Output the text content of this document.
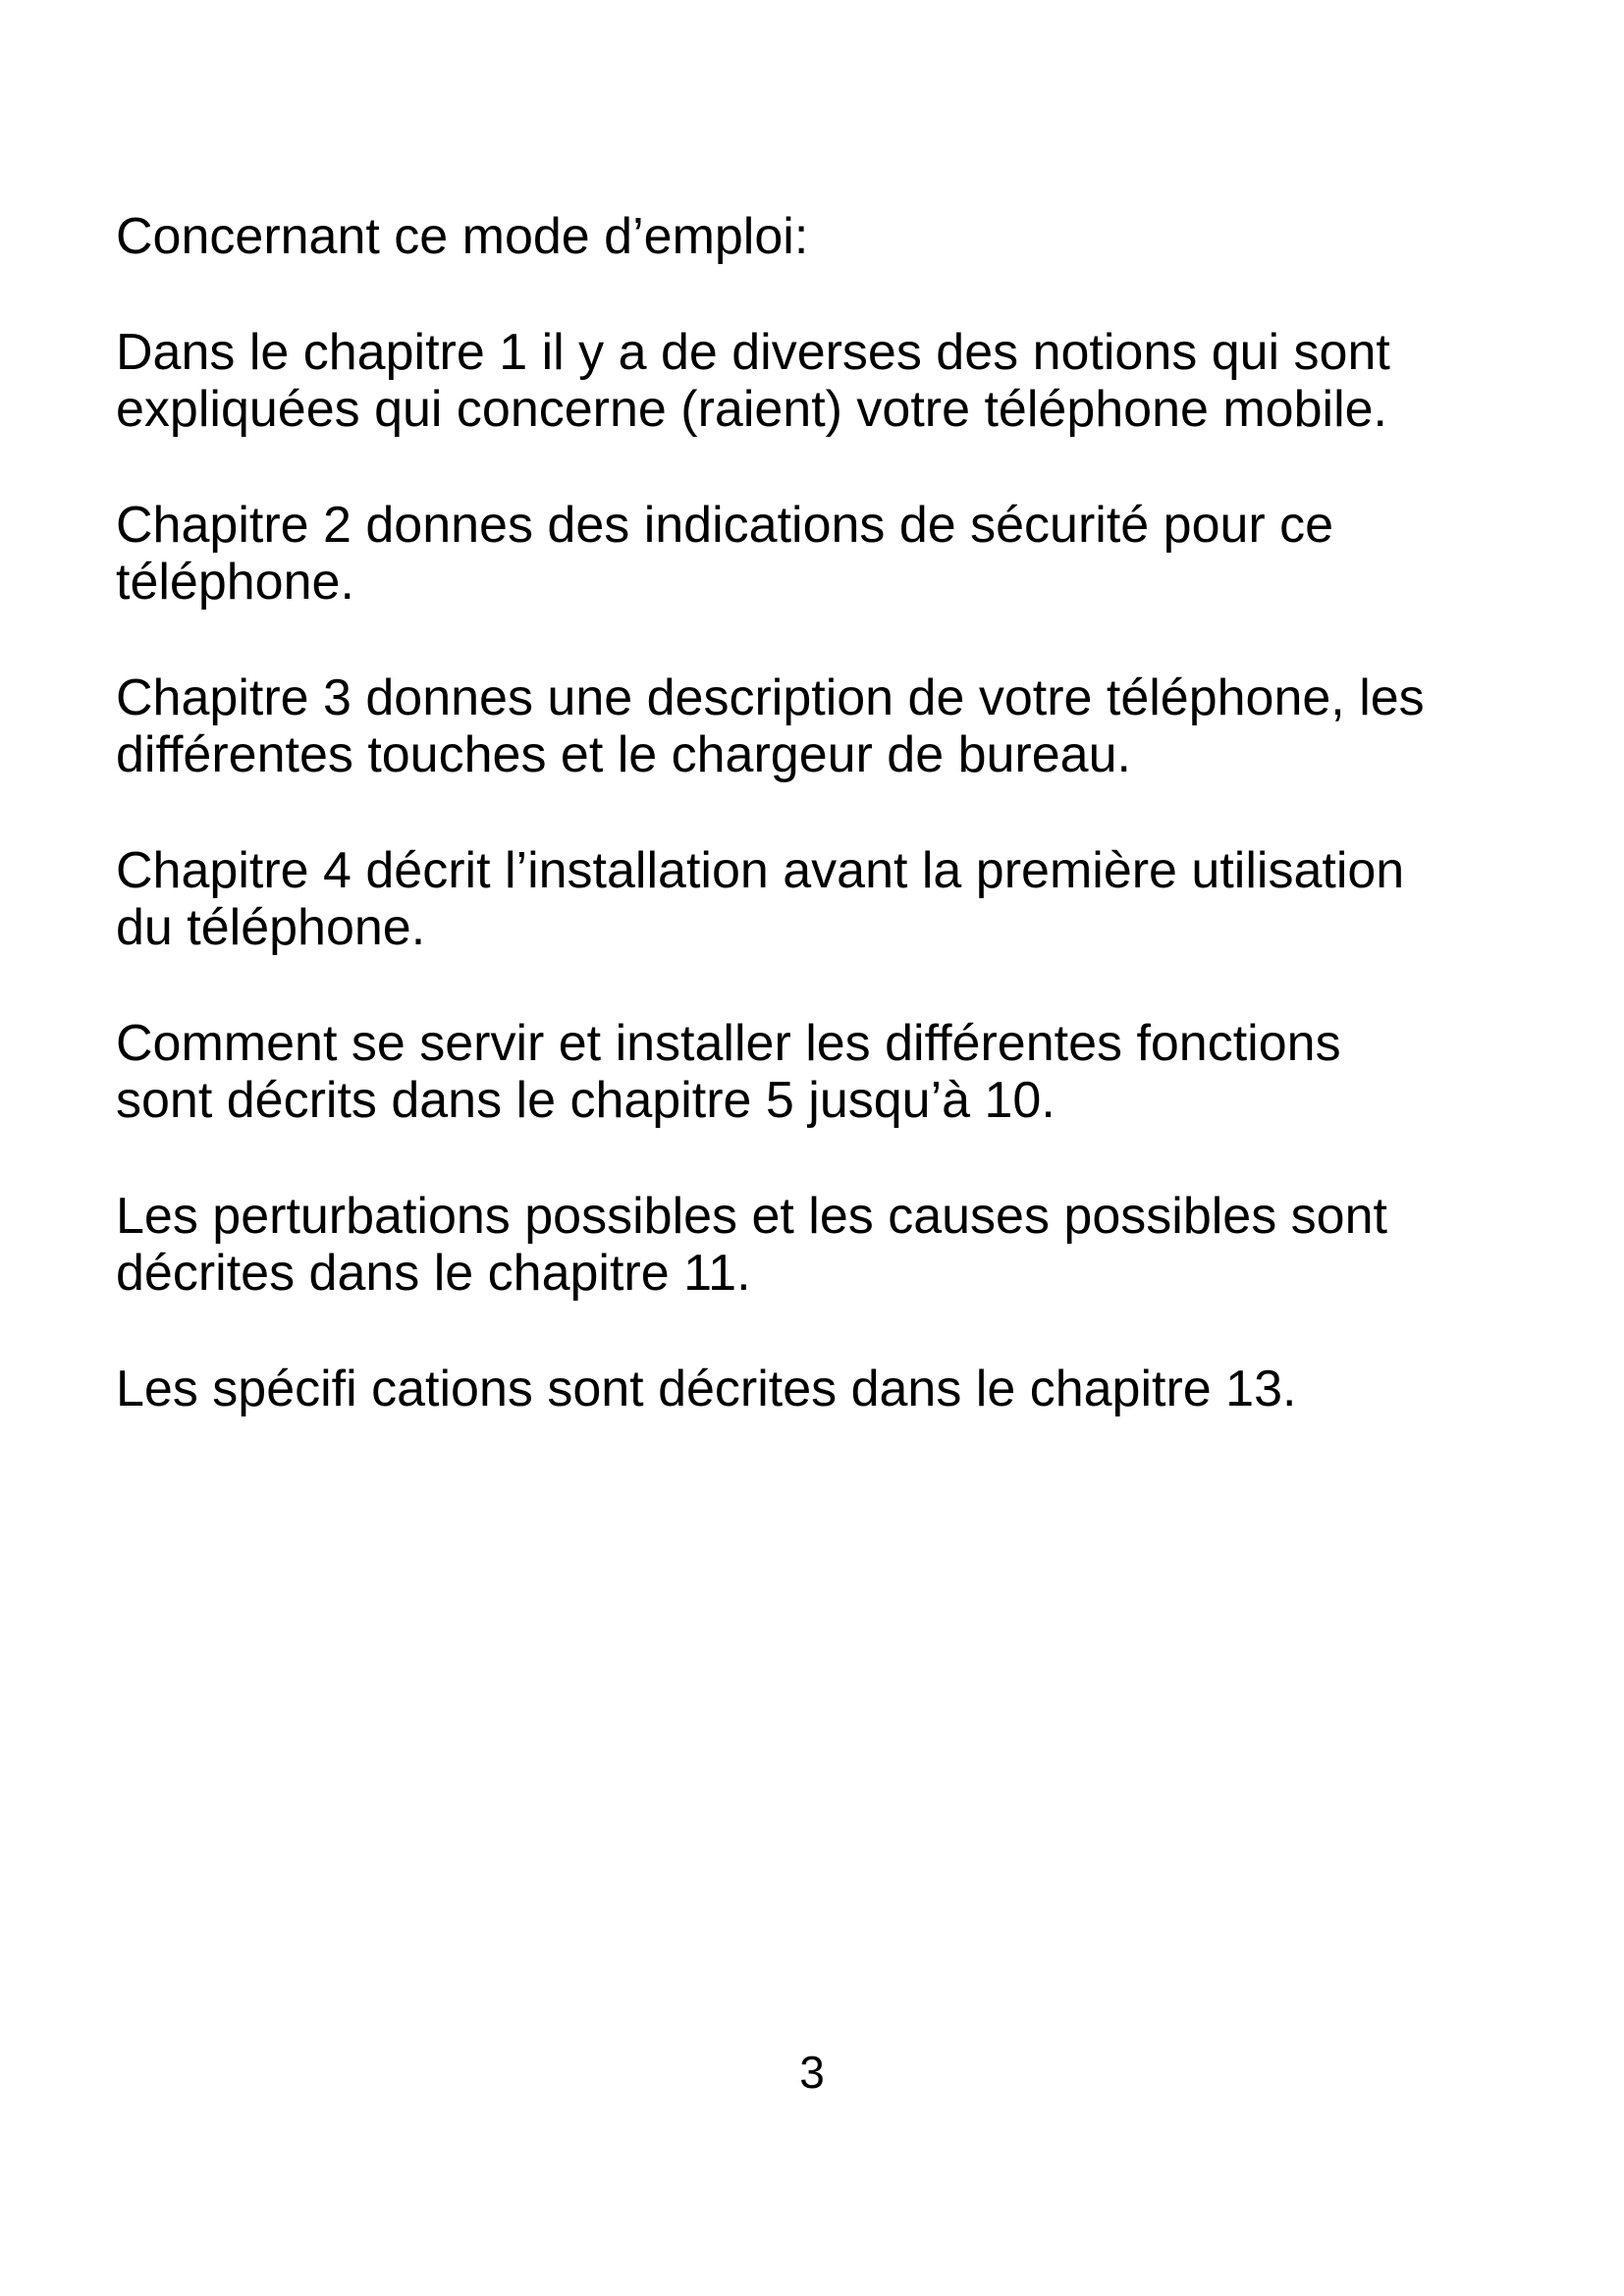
Concernant ce mode d’emploi:

Dans le chapitre 1 il y a de diverses des notions qui sont
expliquées qui concerne (raient) votre téléphone mobile.

Chapitre 2 donnes des indications de sécurité pour ce
téléphone.

Chapitre 3 donnes une description de votre téléphone, les
différentes touches et le chargeur de bureau.

Chapitre 4 décrit l’installation avant la première utilisation
du téléphone.

Comment se servir et installer les différentes fonctions
sont décrits dans le chapitre 5 jusqu’à 10.

Les perturbations possibles et les causes possibles sont
décrites dans le chapitre 11.

Les spécifi cations sont décrites dans le chapitre 13.

3
